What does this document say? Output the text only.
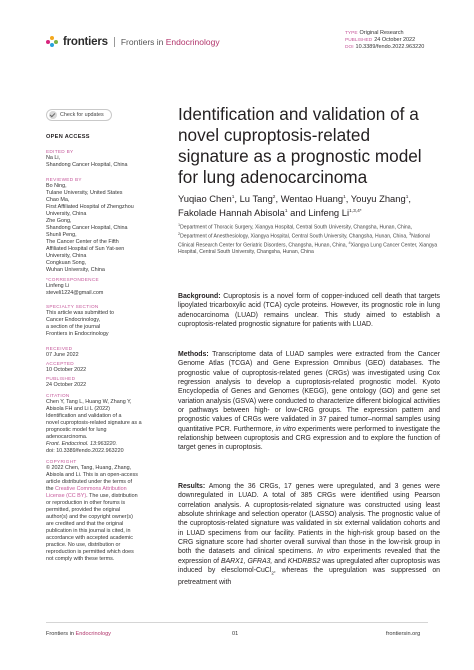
frontiers Frontiers in Endocrinology
TYPE Original Research
PUBLISHED 24 October 2022
DOI 10.3389/fendo.2022.963220
Check for updates
OPEN ACCESS
EDITED BY
Na Li,
Shandong Cancer Hospital, China
REVIEWED BY
Bo Ning,
Tulane University, United States
Chao Ma,
First Affiliated Hospital of Zhengzhou
University, China
Zhe Gong,
Shandong Cancer Hospital, China
Shunli Peng,
The Cancer Center of the Fifth
Affiliated Hospital of Sun Yat-sen
University, China
Congkuan Song,
Wuhan University, China
*CORRESPONDENCE
Linfeng Li
steveli1224@gmail.com
SPECIALTY SECTION
This article was submitted to
Cancer Endocrinology,
a section of the journal
Frontiers in Endocrinology
RECEIVED
07 June 2022
ACCEPTED
10 October 2022
PUBLISHED
24 October 2022
CITATION
Chen Y, Tang L, Huang W, Zhang Y,
Abisola FH and Li L (2022)
Identification and validation of a
novel cuproptosis-related signature as a
prognostic model for lung
adenocarcinoma.
Front. Endocrinol. 13:963220.
doi: 10.3389/fendo.2022.963220
COPYRIGHT
© 2022 Chen, Tang, Huang, Zhang,
Abisola and Li. This is an open-access
article distributed under the terms of
the Creative Commons Attribution
License (CC BY). The use, distribution
or reproduction in other forums is
permitted, provided the original
author(s) and the copyright owner(s)
are credited and that the original
publication in this journal is cited, in
accordance with accepted academic
practice. No use, distribution or
reproduction is permitted which does
not comply with these terms.
Identification and validation of a novel cuproptosis-related signature as a prognostic model for lung adenocarcinoma
Yuqiao Chen$^1$, Lu Tang$^2$, Wentao Huang$^1$, Youyu Zhang$^1$,
Fakolade Hannah Abisola$^1$ and Linfeng $Li^{1,3,4*}$
$^1$Department of Thoracic Surgery, Xiangya Hospital, Central South University, Changsha, Hunan, China, $^2$Department of Anesthesiology, Xiangya Hospital, Central South University, Changsha, Hunan, China, $^3$National Clinical Research Center for Geriatric Disorders, Changsha, Hunan, China, $^4$Xiangya Lung Cancer Center, Xiangya Hospital, Central South University, Changsha, Hunan, China
Background: Cuproptosis is a novel form of copper-induced cell death that targets lipoylated tricarboxylic acid (TCA) cycle proteins. However, its prognostic role in lung adenocarcinoma (LUAD) remains unclear. This study aimed to establish a cuproptosis-related prognostic signature for patients with LUAD.
Methods: Transcriptome data of LUAD samples were extracted from the Cancer Genome Atlas (TCGA) and Gene Expression Omnibus (GEO) databases. The prognostic value of cuproptosis-related genes (CRGs) was investigated using Cox regression analysis to develop a cuproptosis-related prognostic model. Kyoto Encyclopedia of Genes and Genomes (KEGG), gene ontology (GO) and gene set variation analysis (GSVA) were conducted to characterize different biological activities or pathways between high- or low-CRG groups. The expression pattern and prognostic values of CRGs were validated in 37 paired tumor–normal samples using quantitative PCR. Furthermore, in vitro experiments were performed to investigate the relationship between cuproptosis and CRG expression and to explore the function of target genes in cuproptosis.
Results: Among the 36 CRGs, 17 genes were upregulated, and 3 genes were downregulated in LUAD. A total of 385 CRGs were identified using Pearson correlation analysis. A cuproptosis-related signature was constructed using least absolute shrinkage and selection operator (LASSO) analysis. The prognostic value of the cuproptosis-related signature was validated in six external validation cohorts and in LUAD specimens from our facility. Patients in the high-risk group based on the CRG signature score had shorter overall survival than those in the low-risk group in both the datasets and clinical specimens. In vitro experiments revealed that the expression of BARX1, GFRA3, and KHDRBS2 was upregulated after cuproptosis was induced by elesclomol-CuCl$_2$, whereas the upregulation was suppressed on pretreatment with
Frontiers in Endocrinology	01	frontiersin.org
